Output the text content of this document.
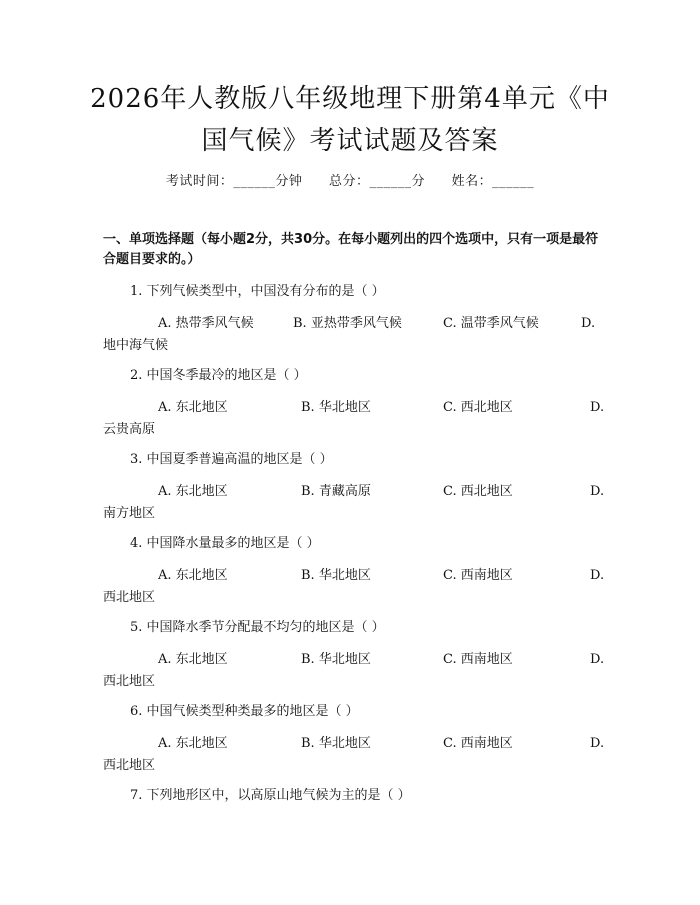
2026年人教版八年级地理下册第4单元《中国气候》考试试题及答案
考试时间：______分钟 总分：______分 姓名：______
一、单项选择题（每小题2分，共30分。在每小题列出的四个选项中，只有一项是最符合题目要求的。）
1. 下列气候类型中，中国没有分布的是（ ）
A. 热带季风气候	B. 亚热带季风气候	C. 温带季风气候	D.
地中海气候
2. 中国冬季最冷的地区是（ ）
A. 东北地区	B. 华北地区	C. 西北地区	D.
云贵高原
3. 中国夏季普遍高温的地区是（ ）
A. 东北地区	B. 青藏高原	C. 西北地区	D.
南方地区
4. 中国降水量最多的地区是（ ）
A. 东北地区	B. 华北地区	C. 西南地区	D.
西北地区
5. 中国降水季节分配最不均匀的地区是（ ）
A. 东北地区	B. 华北地区	C. 西南地区	D.
西北地区
6. 中国气候类型种类最多的地区是（ ）
A. 东北地区	B. 华北地区	C. 西南地区	D.
西北地区
7. 下列地形区中，以高原山地气候为主的是（ ）
